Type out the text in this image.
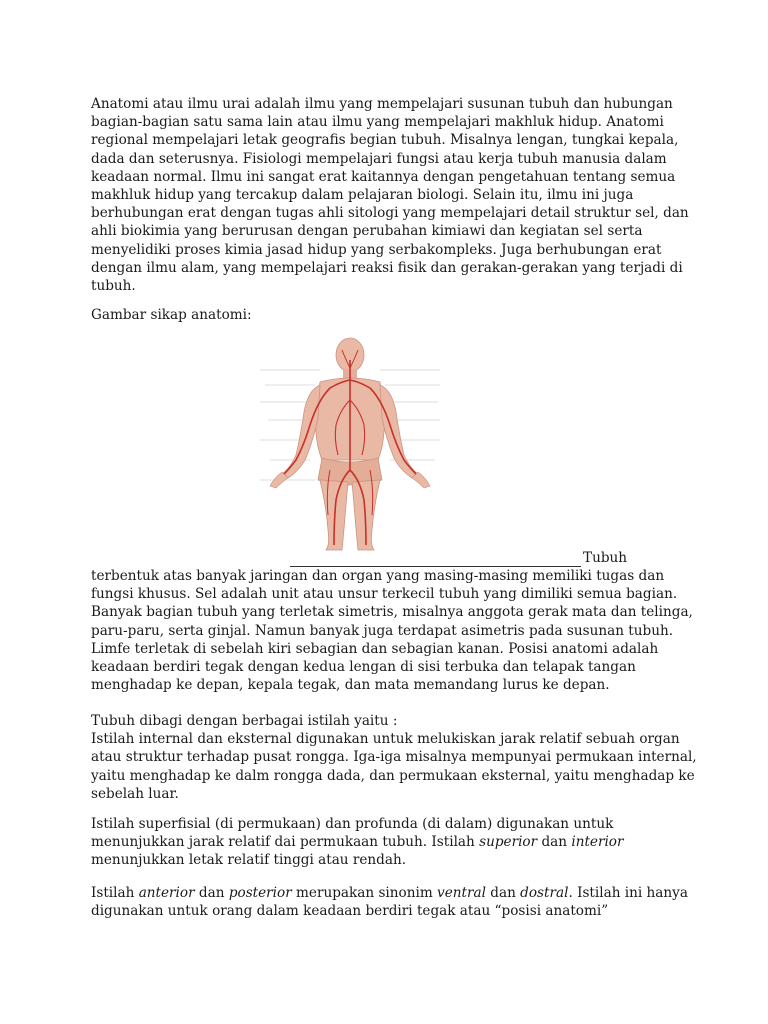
Anatomi atau ilmu urai adalah ilmu yang mempelajari susunan tubuh dan hubungan
bagian-bagian satu sama lain atau ilmu yang mempelajari makhluk hidup. Anatomi
regional mempelajari letak geografis begian tubuh. Misalnya lengan, tungkai kepala,
dada dan seterusnya. Fisiologi mempelajari fungsi atau kerja tubuh manusia dalam
keadaan normal. Ilmu ini sangat erat kaitannya dengan pengetahuan tentang semua
makhluk hidup yang tercakup dalam pelajaran biologi. Selain itu, ilmu ini juga
berhubungan erat dengan tugas ahli sitologi yang mempelajari detail struktur sel, dan
ahli biokimia yang berurusan dengan perubahan kimiawi dan kegiatan sel serta
menyelidiki proses kimia jasad hidup yang serbakompleks. Juga berhubungan erat
dengan ilmu alam, yang mempelajari reaksi fisik dan gerakan-gerakan yang terjadi di
tubuh.

Gambar sikap anatomi:
Tubuh

terbentuk atas banyak jaringan dan organ yang masing-masing memiliki tugas dan
fungsi khusus. Sel adalah unit atau unsur terkecil tubuh yang dimiliki semua bagian.
Banyak bagian tubuh yang terletak simetris, misalnya anggota gerak mata dan telinga,
paru-paru, serta ginjal. Namun banyak juga terdapat asimetris pada susunan tubuh.
Limfe terletak di sebelah kiri sebagian dan sebagian kanan. Posisi anatomi adalah
keadaan berdiri tegak dengan kedua lengan di sisi terbuka dan telapak tangan
menghadap ke depan, kepala tegak, dan mata memandang lurus ke depan.

Tubuh dibagi dengan berbagai istilah yaitu :
Istilah internal dan eksternal digunakan untuk melukiskan jarak relatif sebuah organ
atau struktur terhadap pusat rongga. Iga-iga misalnya mempunyai permukaan internal,
yaitu menghadap ke dalm rongga dada, dan permukaan eksternal, yaitu menghadap ke
sebelah luar.

Istilah superfisial (di permukaan) dan profunda (di dalam) digunakan untuk
menunjukkan jarak relatif dai permukaan tubuh. Istilah superior dan interior
menunjukkan letak relatif tinggi atau rendah.

Istilah anterior dan posterior merupakan sinonim ventral dan dostral. Istilah ini hanya
digunakan untuk orang dalam keadaan berdiri tegak atau “posisi anatomi”
